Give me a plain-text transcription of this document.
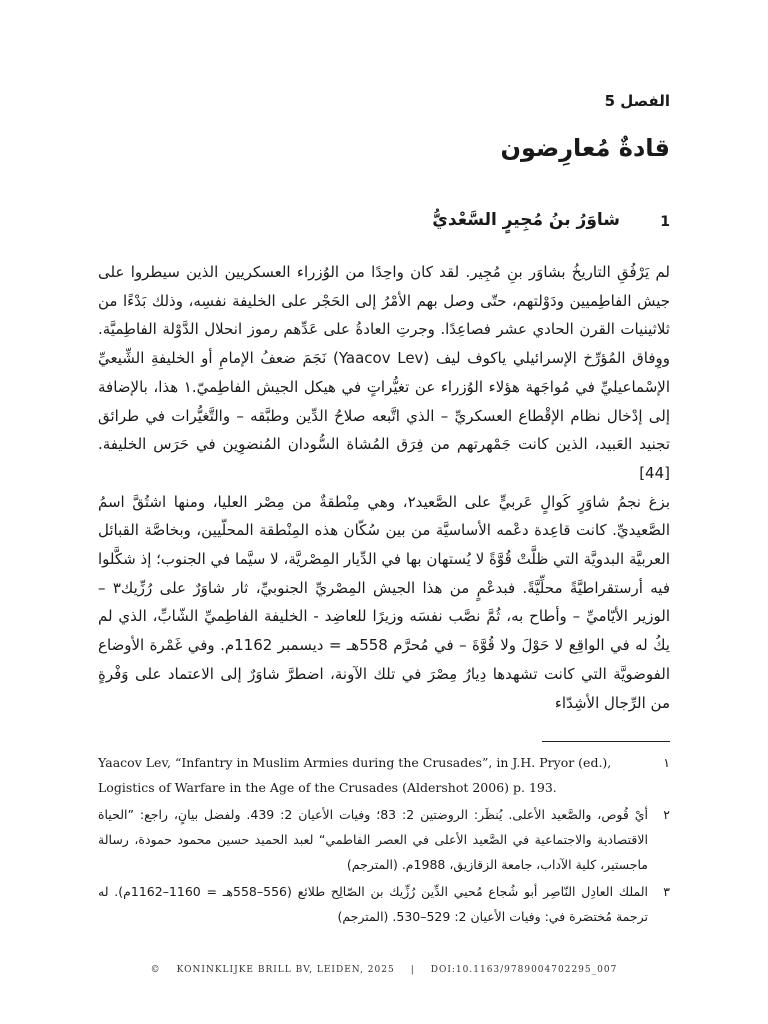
الفصل 5
قادةٌ مُعارِضون
1
شاوَرُ بنُ مُجِيرٍ السَّعْديُّ

لم يَرْفُقِ التاريخُ بشاوَر بنِ مُجِير. لقد كان واحِدًا من الوُزراء العسكريين الذين سيطروا على جيش الفاطِميين ودَوْلتهم، حتّى وصل بهم الأمْرُ إلى الحَجْر على الخليفة نفسِه، وذلك بَدْءًا من ثلاثينيات القرن الحادي عشر فصاعِدًا. وجرتِ العادةُ على عَدِّهم رموز انحلال الدَّوْلة الفاطِميَّة. ووِفاق المُؤرِّخ الإسرائيلي ياكوف ليف (Yaacov Lev) نَجَمَ ضعفُ الإمامِ أو الخليفةِ الشِّيعيِّ الإسْماعيليِّ في مُواجَهة هؤلاء الوُزراء عن تغيُّراتٍ في هيكل الجيش الفاطِميّ.١ هذا، بالإضافة إلى إدْخال نظام الإقْطاع العسكريِّ – الذي اتَّبعه صلاحُ الدِّين وطبَّقه – والتَّغيُّرات في طرائق تجنيد العَبيد، الذين كانت جَمْهرتهم من فِرَق المُشاة السُّودان المُنضوِين في حَرَس الخليفة. [44]

بزغ نجمُ شاوَرٍ كَوالٍ عَربيٍّ على الصَّعيد٢، وهي مِنْطقةٌ من مِصْر العليا، ومنها اشتُقَّ اسمُ الصَّعيديِّ. كانت قاعِدة دعْمه الأساسيَّة من بين سُكّان هذه المِنْطقة المحلّيين، وبخاصَّة القبائل العربيَّة البدويَّة التي ظلَّتْ قُوَّةً لا يُستهان بها في الدِّيار المِصْريَّة، لا سيَّما في الجنوب؛ إذ شكَّلوا فيه أرستقراطيَّةً محلِّيَّةً. فبدعْمٍ من هذا الجيش المِصْريِّ الجنوبيِّ، ثار شاوَرٌ على رُزِّيك٣ – الوزير الأيّاميِّ – وأطاح به، ثُمَّ نصَّب نفسَه وزيرًا للعاضِد - الخليفة الفاطِميِّ الشّابِّ، الذي لم يكُ له في الواقِع لا حَوْلَ ولا قُوَّةَ – في مُحرَّم 558هـ = ديسمبر 1162م. وفي غَمْرة الأوضاع الفوضويَّة التي كانت تشهدها دِيارُ مِصْرَ في تلك الآونة، اضطرَّ شاوَرٌ إلى الاعتماد على وَفْرةٍ من الرِّجال الأشِدّاء

١
Yaacov Lev, “Infantry in Muslim Armies during the Crusades”, in J.H. Pryor (ed.), Logistics of Warfare in the Age of the Crusades (Aldershot 2006) p. 193.
٢
أيْ قُوص، والصَّعيد الأعلى. يُنظَر: الروضتين 2: 83؛ وفيات الأعيان 2: 439. ولفضل بيانٍ، راجع: ”الحياة الاقتصادية والاجتماعية في الصَّعيد الأعلى في العصر الفاطمي“ لعبد الحميد حسين محمود حمودة، رسالة ماجستير، كلية الآداب، جامعة الزقازيق، 1988م. (المترجم)
٣
الملك العادِل النّاصِر أبو شُجاع مُحيي الدِّين رُزِّيك بن الصّالِح طلائع (556–558هـ = 1160–1162م). له ترجمة مُختصَرة في: وفيات الأعيان 2: 529–530. (المترجم)
© KONINKLIJKE BRILL BV, LEIDEN, 2025 | DOI:10.1163/9789004702295_007
